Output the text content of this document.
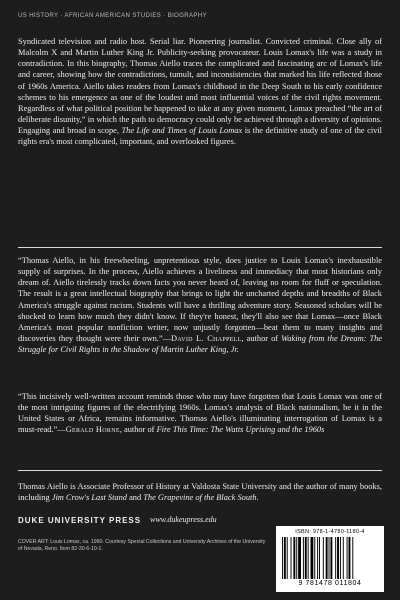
US HISTORY · AFRICAN AMERICAN STUDIES · BIOGRAPHY

Syndicated television and radio host. Serial liar. Pioneering journalist. Convicted criminal. Close ally of Malcolm X and Martin Luther King Jr. Publicity-seeking provocateur. Louis Lomax's life was a study in contradiction. In this biography, Thomas Aiello traces the complicated and fascinating arc of Lomax's life and career, showing how the contradictions, tumult, and inconsistencies that marked his life reflected those of 1960s America. Aiello takes readers from Lomax's childhood in the Deep South to his early confidence schemes to his emergence as one of the loudest and most influential voices of the civil rights movement. Regardless of what political position he happened to take at any given moment, Lomax preached “the art of deliberate disunity,” in which the path to democracy could only be achieved through a diversity of opinions. Engaging and broad in scope, The Life and Times of Louis Lomax is the definitive study of one of the civil rights era's most complicated, important, and overlooked figures.

“Thomas Aiello, in his freewheeling, unpretentious style, does justice to Louis Lomax's inexhaustible supply of surprises. In the process, Aiello achieves a liveliness and immediacy that most historians only dream of. Aiello tirelessly tracks down facts you never heard of, leaving no room for fluff or speculation. The result is a great intellectual biography that brings to light the uncharted depths and breadths of Black America's struggle against racism. Students will have a thrilling adventure story. Seasoned scholars will be shocked to learn how much they didn't know. If they're honest, they'll also see that Lomax—once Black America's most popular nonfiction writer, now unjustly forgotten—beat them to many insights and discoveries they thought were their own.”—David L. Chappell, author of Waking from the Dream: The Struggle for Civil Rights in the Shadow of Martin Luther King, Jr.

“This incisively well-written account reminds those who may have forgotten that Louis Lomax was one of the most intriguing figures of the electrifying 1960s. Lomax's analysis of Black nationalism, be it in the United States or Africa, remains informative. Thomas Aiello's illuminating interrogation of Lomax is a must-read.”—Gerald Horne, author of Fire This Time: The Watts Uprising and the 1960s

Thomas Aiello is Associate Professor of History at Valdosta State University and the author of many books, including Jim Crow's Last Stand and The Grapevine of the Black South.
DUKE UNIVERSITY PRESS www.dukeupress.edu
COVER ART: Louis Lomax, ca. 1960. Courtesy Special Collections and University Archives of the University of Nevada, Reno. Item 82-30-6-10-1.
ISBN: 978-1-4780-1180-4
9 781478 011804
